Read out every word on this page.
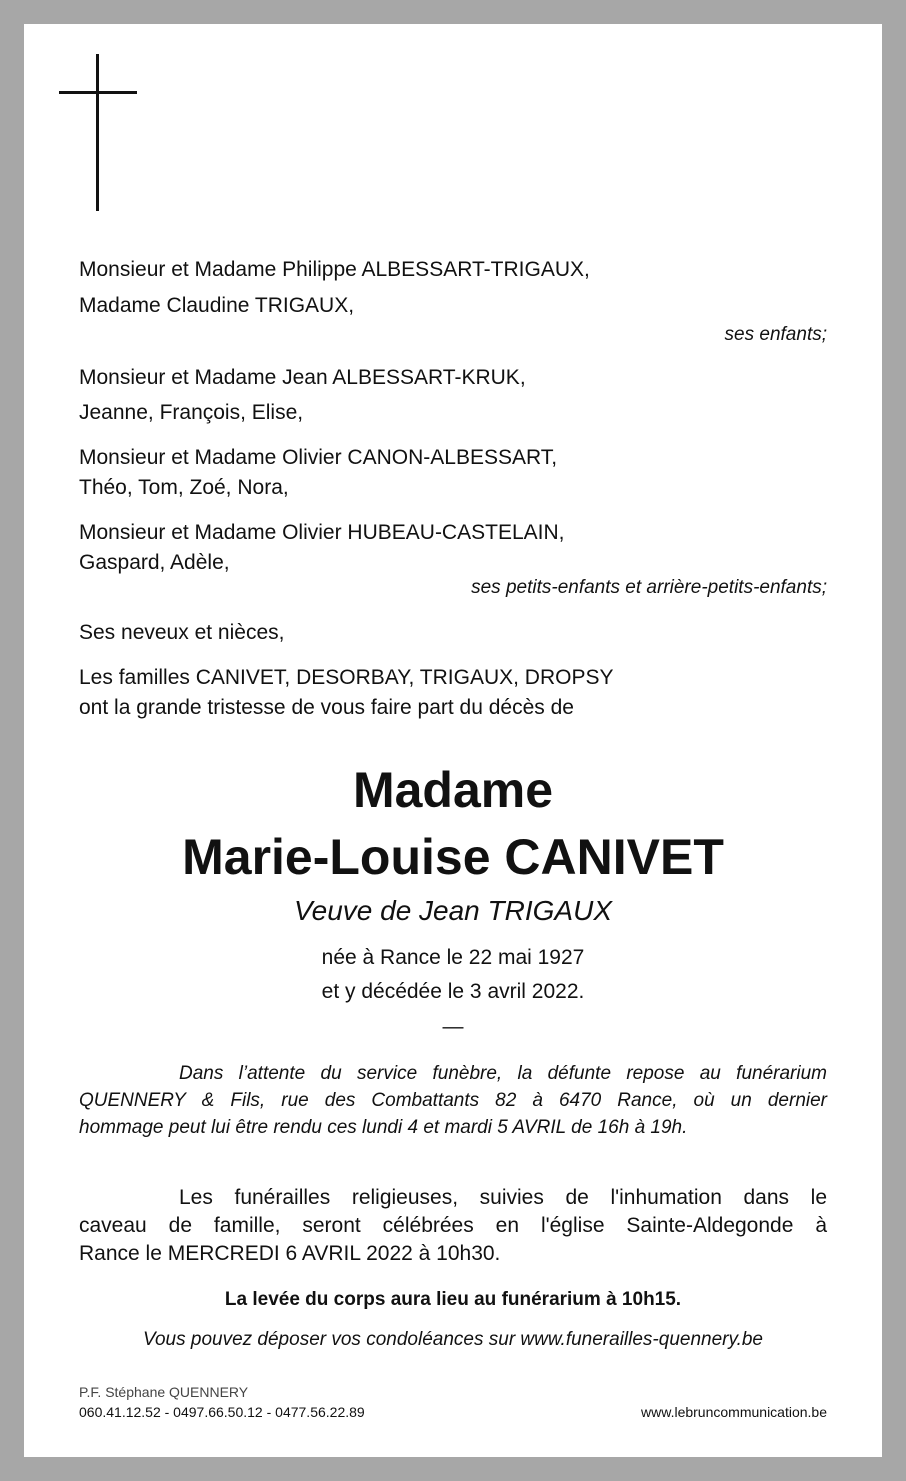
Monsieur et Madame Philippe ALBESSART-TRIGAUX,
Madame Claudine TRIGAUX,
ses enfants;
Monsieur et Madame Jean ALBESSART-KRUK,
Jeanne, François, Elise,
Monsieur et Madame Olivier CANON-ALBESSART,
Théo, Tom, Zoé, Nora,
Monsieur et Madame Olivier HUBEAU-CASTELAIN,
Gaspard, Adèle,
ses petits-enfants et arrière-petits-enfants;
Ses neveux et nièces,
Les familles CANIVET, DESORBAY, TRIGAUX, DROPSY
ont la grande tristesse de vous faire part du décès de
Madame
Marie-Louise CANIVET
Veuve de Jean TRIGAUX
née à Rance le 22 mai 1927
et y décédée le 3 avril 2022.
—
Dans l’attente du service funèbre, la défunte repose au funérarium
QUENNERY & Fils, rue des Combattants 82 à 6470 Rance, où un dernier
hommage peut lui être rendu ces lundi 4 et mardi 5 AVRIL de 16h à 19h.
Les funérailles religieuses, suivies de l'inhumation dans le
caveau de famille, seront célébrées en l'église Sainte-Aldegonde à
Rance le MERCREDI 6 AVRIL 2022 à 10h30.
La levée du corps aura lieu au funérarium à 10h15.
Vous pouvez déposer vos condoléances sur www.funerailles-quennery.be
P.F. Stéphane QUENNERY
060.41.12.52 - 0497.66.50.12 - 0477.56.22.89	www.lebruncommunication.be
